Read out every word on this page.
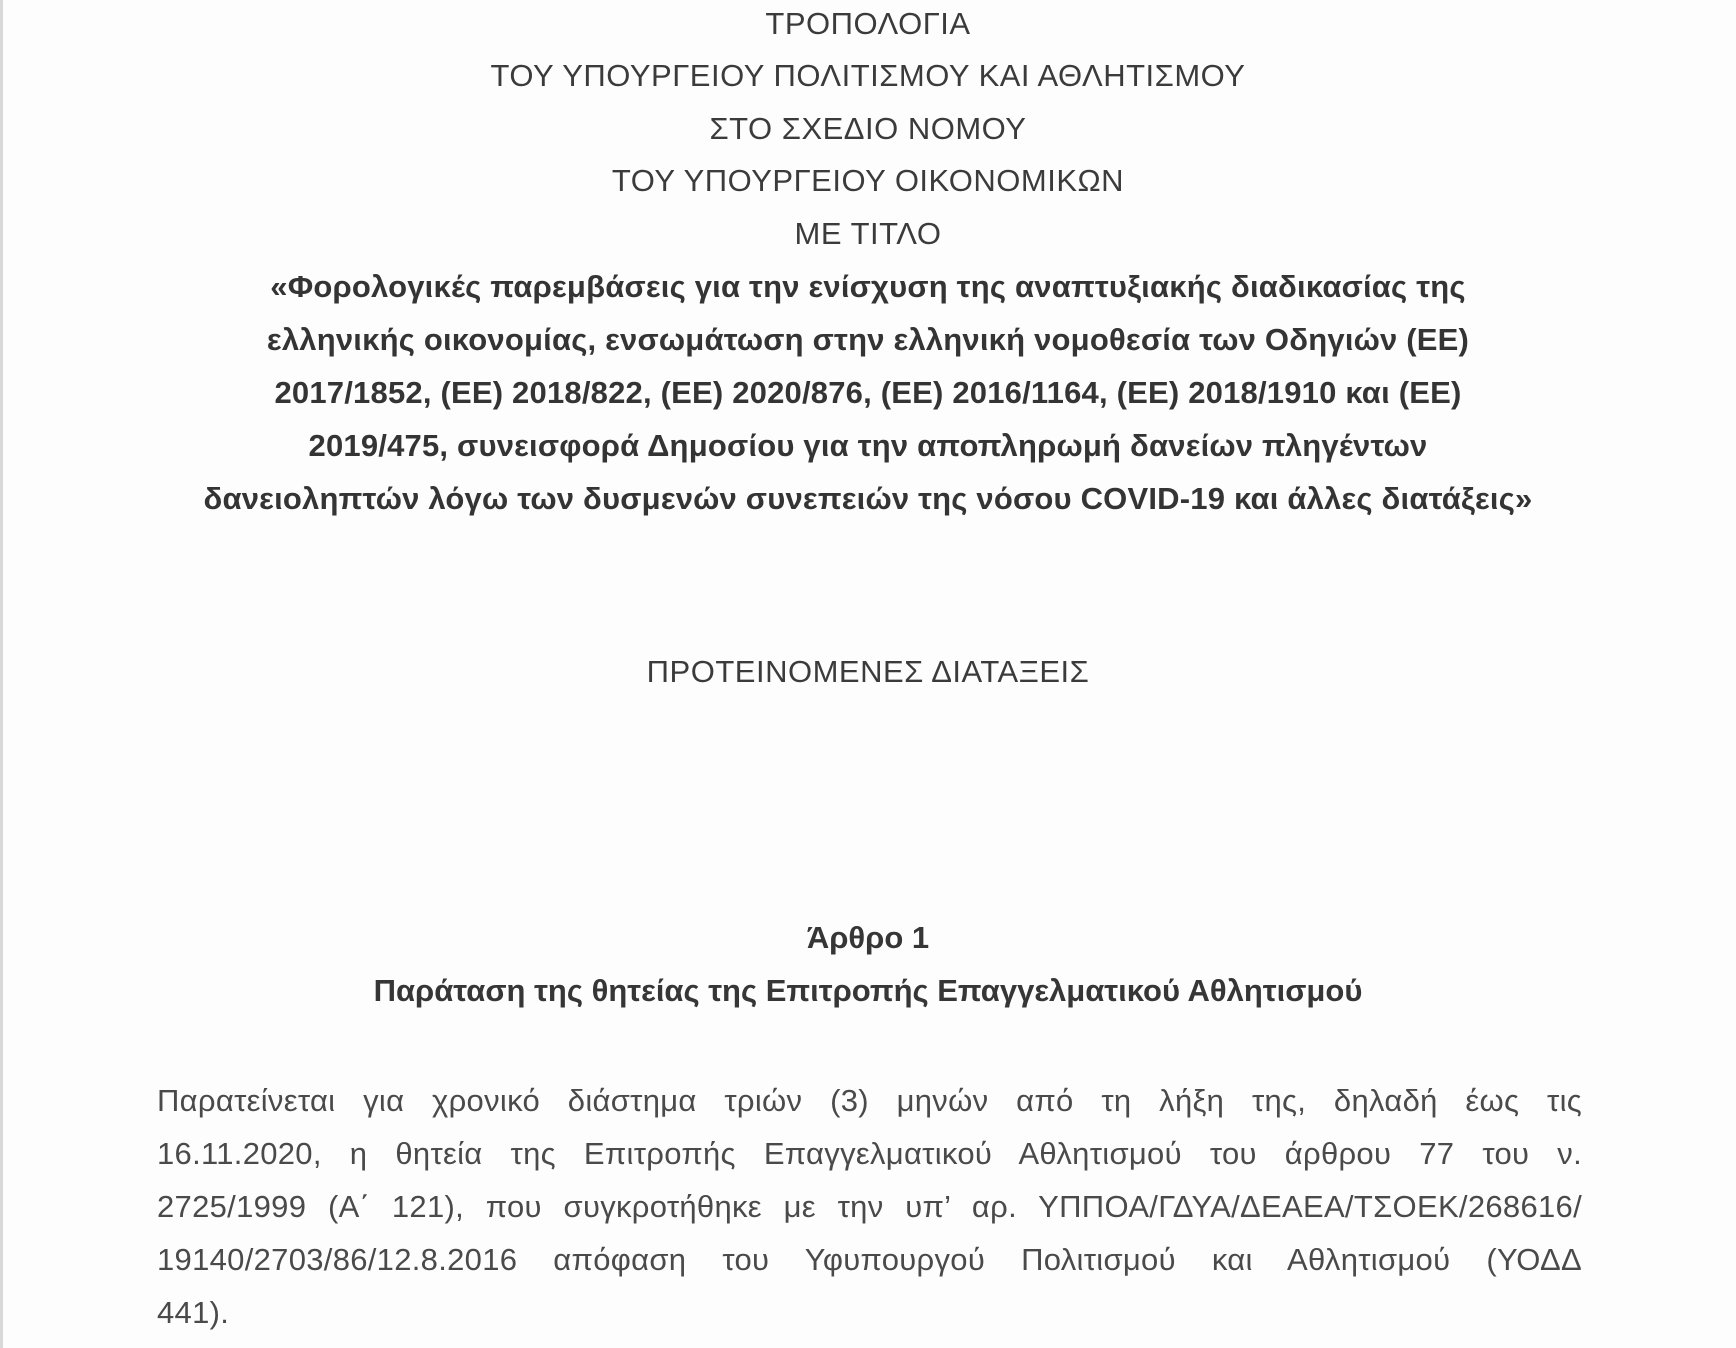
ΤΡΟΠΟΛΟΓΙΑ
ΤΟΥ ΥΠΟΥΡΓΕΙΟΥ ΠΟΛΙΤΙΣΜΟΥ ΚΑΙ ΑΘΛΗΤΙΣΜΟΥ
ΣΤΟ ΣΧΕΔΙΟ ΝΟΜΟΥ
ΤΟΥ ΥΠΟΥΡΓΕΙΟΥ ΟΙΚΟΝΟΜΙΚΩΝ
ΜΕ ΤΙΤΛΟ
«Φορολογικές παρεμβάσεις για την ενίσχυση της αναπτυξιακής διαδικασίας της
ελληνικής οικονομίας, ενσωμάτωση στην ελληνική νομοθεσία των Οδηγιών (ΕΕ)
2017/1852, (ΕΕ) 2018/822, (ΕΕ) 2020/876, (ΕΕ) 2016/1164, (ΕΕ) 2018/1910 και (ΕΕ)
2019/475, συνεισφορά Δημοσίου για την αποπληρωμή δανείων πληγέντων
δανειοληπτών λόγω των δυσμενών συνεπειών της νόσου COVID-19 και άλλες διατάξεις»
ΠΡΟΤΕΙΝΟΜΕΝΕΣ ΔΙΑΤΑΞΕΙΣ
Άρθρο 1
Παράταση της θητείας της Επιτροπής Επαγγελματικού Αθλητισμού
Παρατείνεται για χρονικό διάστημα τριών (3) μηνών από τη λήξη της, δηλαδή έως τις
16.11.2020, η θητεία της Επιτροπής Επαγγελματικού Αθλητισμού του άρθρου 77 του ν.
2725/1999 (Α΄ 121), που συγκροτήθηκε με την υπ’ αρ. ΥΠΠΟΑ/ΓΔΥΑ/ΔΕΑΕΑ/ΤΣΟΕΚ/268616/
19140/2703/86/12.8.2016 απόφαση του Υφυπουργού Πολιτισμού και Αθλητισμού (ΥΟΔΔ
441).
